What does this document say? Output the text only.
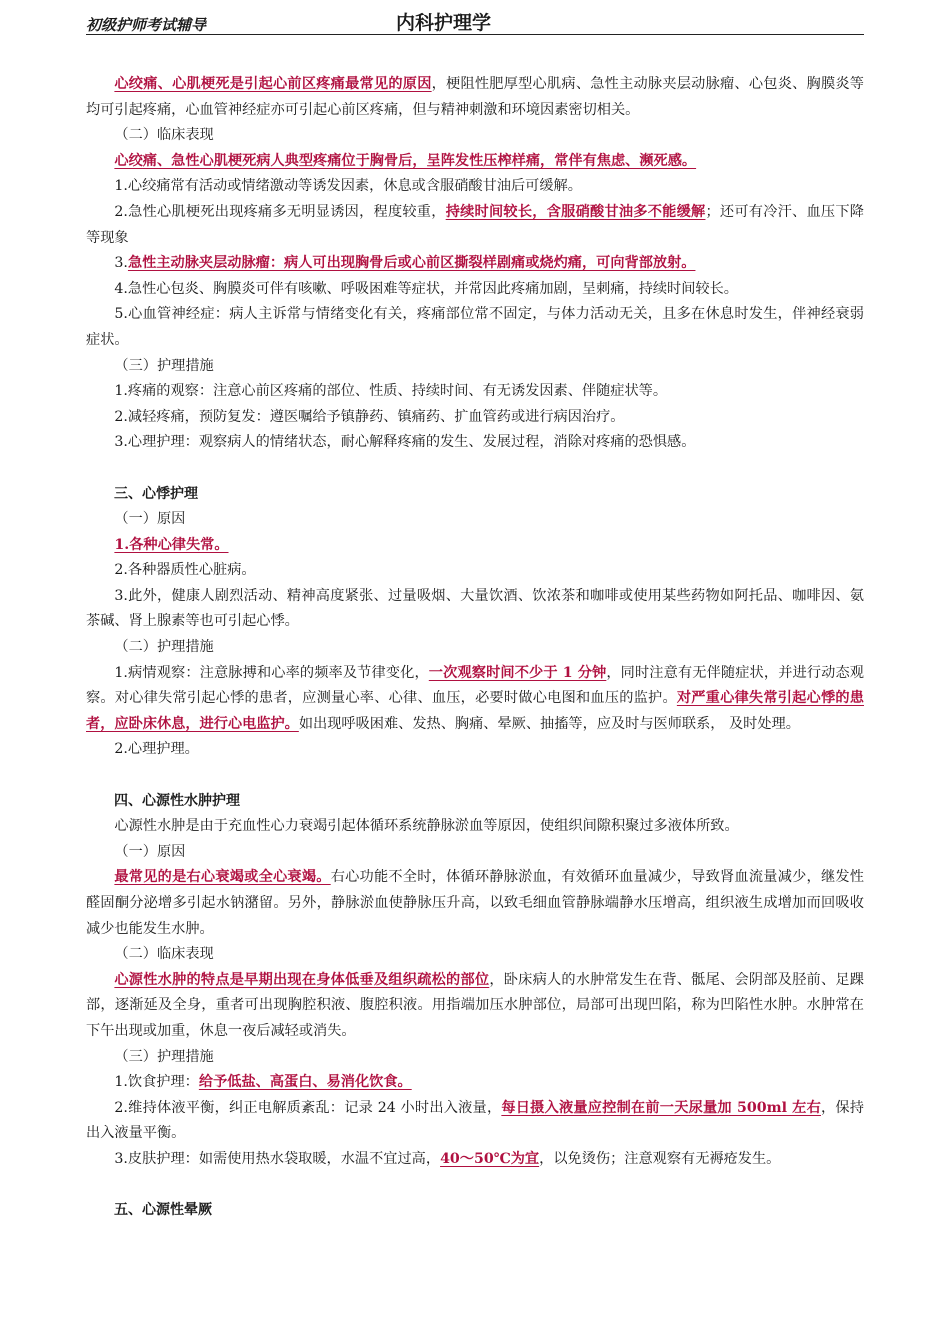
初级护师考试辅导	内科护理学

心绞痛、心肌梗死是引起心前区疼痛最常见的原因，梗阻性肥厚型心肌病、急性主动脉夹层动脉瘤、心包炎、胸膜炎等均可引起疼痛，心血管神经症亦可引起心前区疼痛，但与精神刺激和环境因素密切相关。

（二）临床表现

心绞痛、急性心肌梗死病人典型疼痛位于胸骨后，呈阵发性压榨样痛，常伴有焦虑、濒死感。

1.心绞痛常有活动或情绪激动等诱发因素，休息或含服硝酸甘油后可缓解。

2.急性心肌梗死出现疼痛多无明显诱因，程度较重，持续时间较长，含服硝酸甘油多不能缓解；还可有冷汗、血压下降等现象

3.急性主动脉夹层动脉瘤：病人可出现胸骨后或心前区撕裂样剧痛或烧灼痛，可向背部放射。

4.急性心包炎、胸膜炎可伴有咳嗽、呼吸困难等症状，并常因此疼痛加剧，呈刺痛，持续时间较长。

5.心血管神经症：病人主诉常与情绪变化有关，疼痛部位常不固定，与体力活动无关，且多在休息时发生，伴神经衰弱症状。

（三）护理措施

1.疼痛的观察：注意心前区疼痛的部位、性质、持续时间、有无诱发因素、伴随症状等。

2.减轻疼痛，预防复发：遵医嘱给予镇静药、镇痛药、扩血管药或进行病因治疗。

3.心理护理：观察病人的情绪状态，耐心解释疼痛的发生、发展过程，消除对疼痛的恐惧感。

三、心悸护理

（一）原因

1.各种心律失常。

2.各种器质性心脏病。

3.此外，健康人剧烈活动、精神高度紧张、过量吸烟、大量饮酒、饮浓茶和咖啡或使用某些药物如阿托品、咖啡因、氨茶碱、肾上腺素等也可引起心悸。

（二）护理措施

1.病情观察：注意脉搏和心率的频率及节律变化，一次观察时间不少于 1 分钟，同时注意有无伴随症状，并进行动态观察。对心律失常引起心悸的患者，应测量心率、心律、血压，必要时做心电图和血压的监护。对严重心律失常引起心悸的患者，应卧床休息，进行心电监护。如出现呼吸困难、发热、胸痛、晕厥、抽搐等，应及时与医师联系， 及时处理。

2.心理护理。

四、心源性水肿护理

心源性水肿是由于充血性心力衰竭引起体循环系统静脉淤血等原因，使组织间隙积聚过多液体所致。

（一）原因

最常见的是右心衰竭或全心衰竭。右心功能不全时，体循环静脉淤血，有效循环血量减少，导致肾血流量减少，继发性醛固酮分泌增多引起水钠潴留。另外，静脉淤血使静脉压升高，以致毛细血管静脉端静水压增高，组织液生成增加而回吸收减少也能发生水肿。

（二）临床表现

心源性水肿的特点是早期出现在身体低垂及组织疏松的部位，卧床病人的水肿常发生在背、骶尾、会阴部及胫前、足踝部，逐渐延及全身，重者可出现胸腔积液、腹腔积液。用指端加压水肿部位，局部可出现凹陷，称为凹陷性水肿。水肿常在下午出现或加重，休息一夜后减轻或消失。

（三）护理措施

1.饮食护理：给予低盐、高蛋白、易消化饮食。

2.维持体液平衡，纠正电解质紊乱：记录 24 小时出入液量，每日摄入液量应控制在前一天尿量加 500ml 左右，保持出入液量平衡。

3.皮肤护理：如需使用热水袋取暖，水温不宜过高，40～50℃为宜，以免烫伤；注意观察有无褥疮发生。

五、心源性晕厥
